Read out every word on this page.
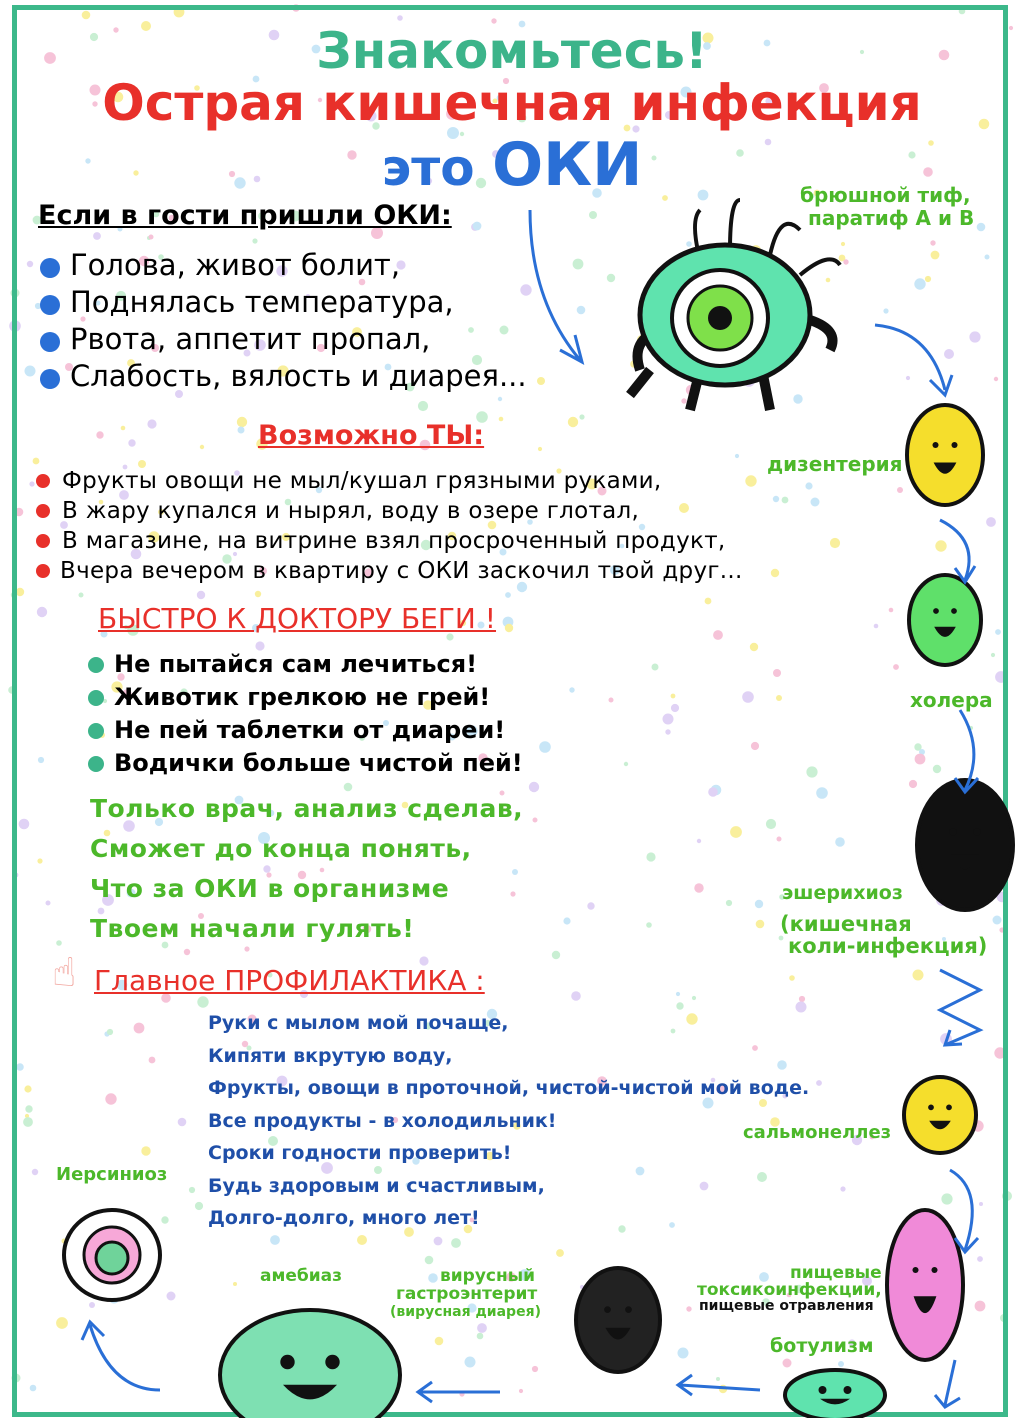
Знакомьтесь!
Острая кишечная инфекция
это ОКИ
Если в гости пришли ОКИ:
Голова, живот болит,
Поднялась температура,
Рвота, аппетит пропал,
Слабость, вялость и диарея...
Возможно ТЫ:
Фрукты овощи не мыл/кушал грязными руками,
В жару купался и нырял, воду в озере глотал,
В магазине, на витрине взял просроченный продукт,
Вчера вечером в квартиру с ОКИ заскочил твой друг...
БЫСТРО К ДОКТОРУ БЕГИ !
Не пытайся сам лечиться!
Животик грелкою не грей!
Не пей таблетки от диареи!
Водички больше чистой пей!
Только врач, анализ сделав,
Сможет до конца понять,
Что за ОКИ в организме
Твоем начали гулять!
☝ Главное ПРОФИЛАКТИКА :
Руки с мылом мой почаще,
Кипяти вкрутую воду,
Фрукты, овощи в проточной, чистой-чистой мой воде.
Все продукты - в холодильник!
Сроки годности проверить!
Будь здоровым и счастливым,
Долго-долго, много лет!
брюшной тиф,
паратиф А и В
дизентерия
холера
эшерихиоз
(кишечная
коли-инфекция)
сальмонеллез
пищевые
токсикоинфекции,
пищевые отравления
ботулизм
вирусный
гастроэнтерит
(вирусная диарея)
амебиаз
Иерсиниоз
